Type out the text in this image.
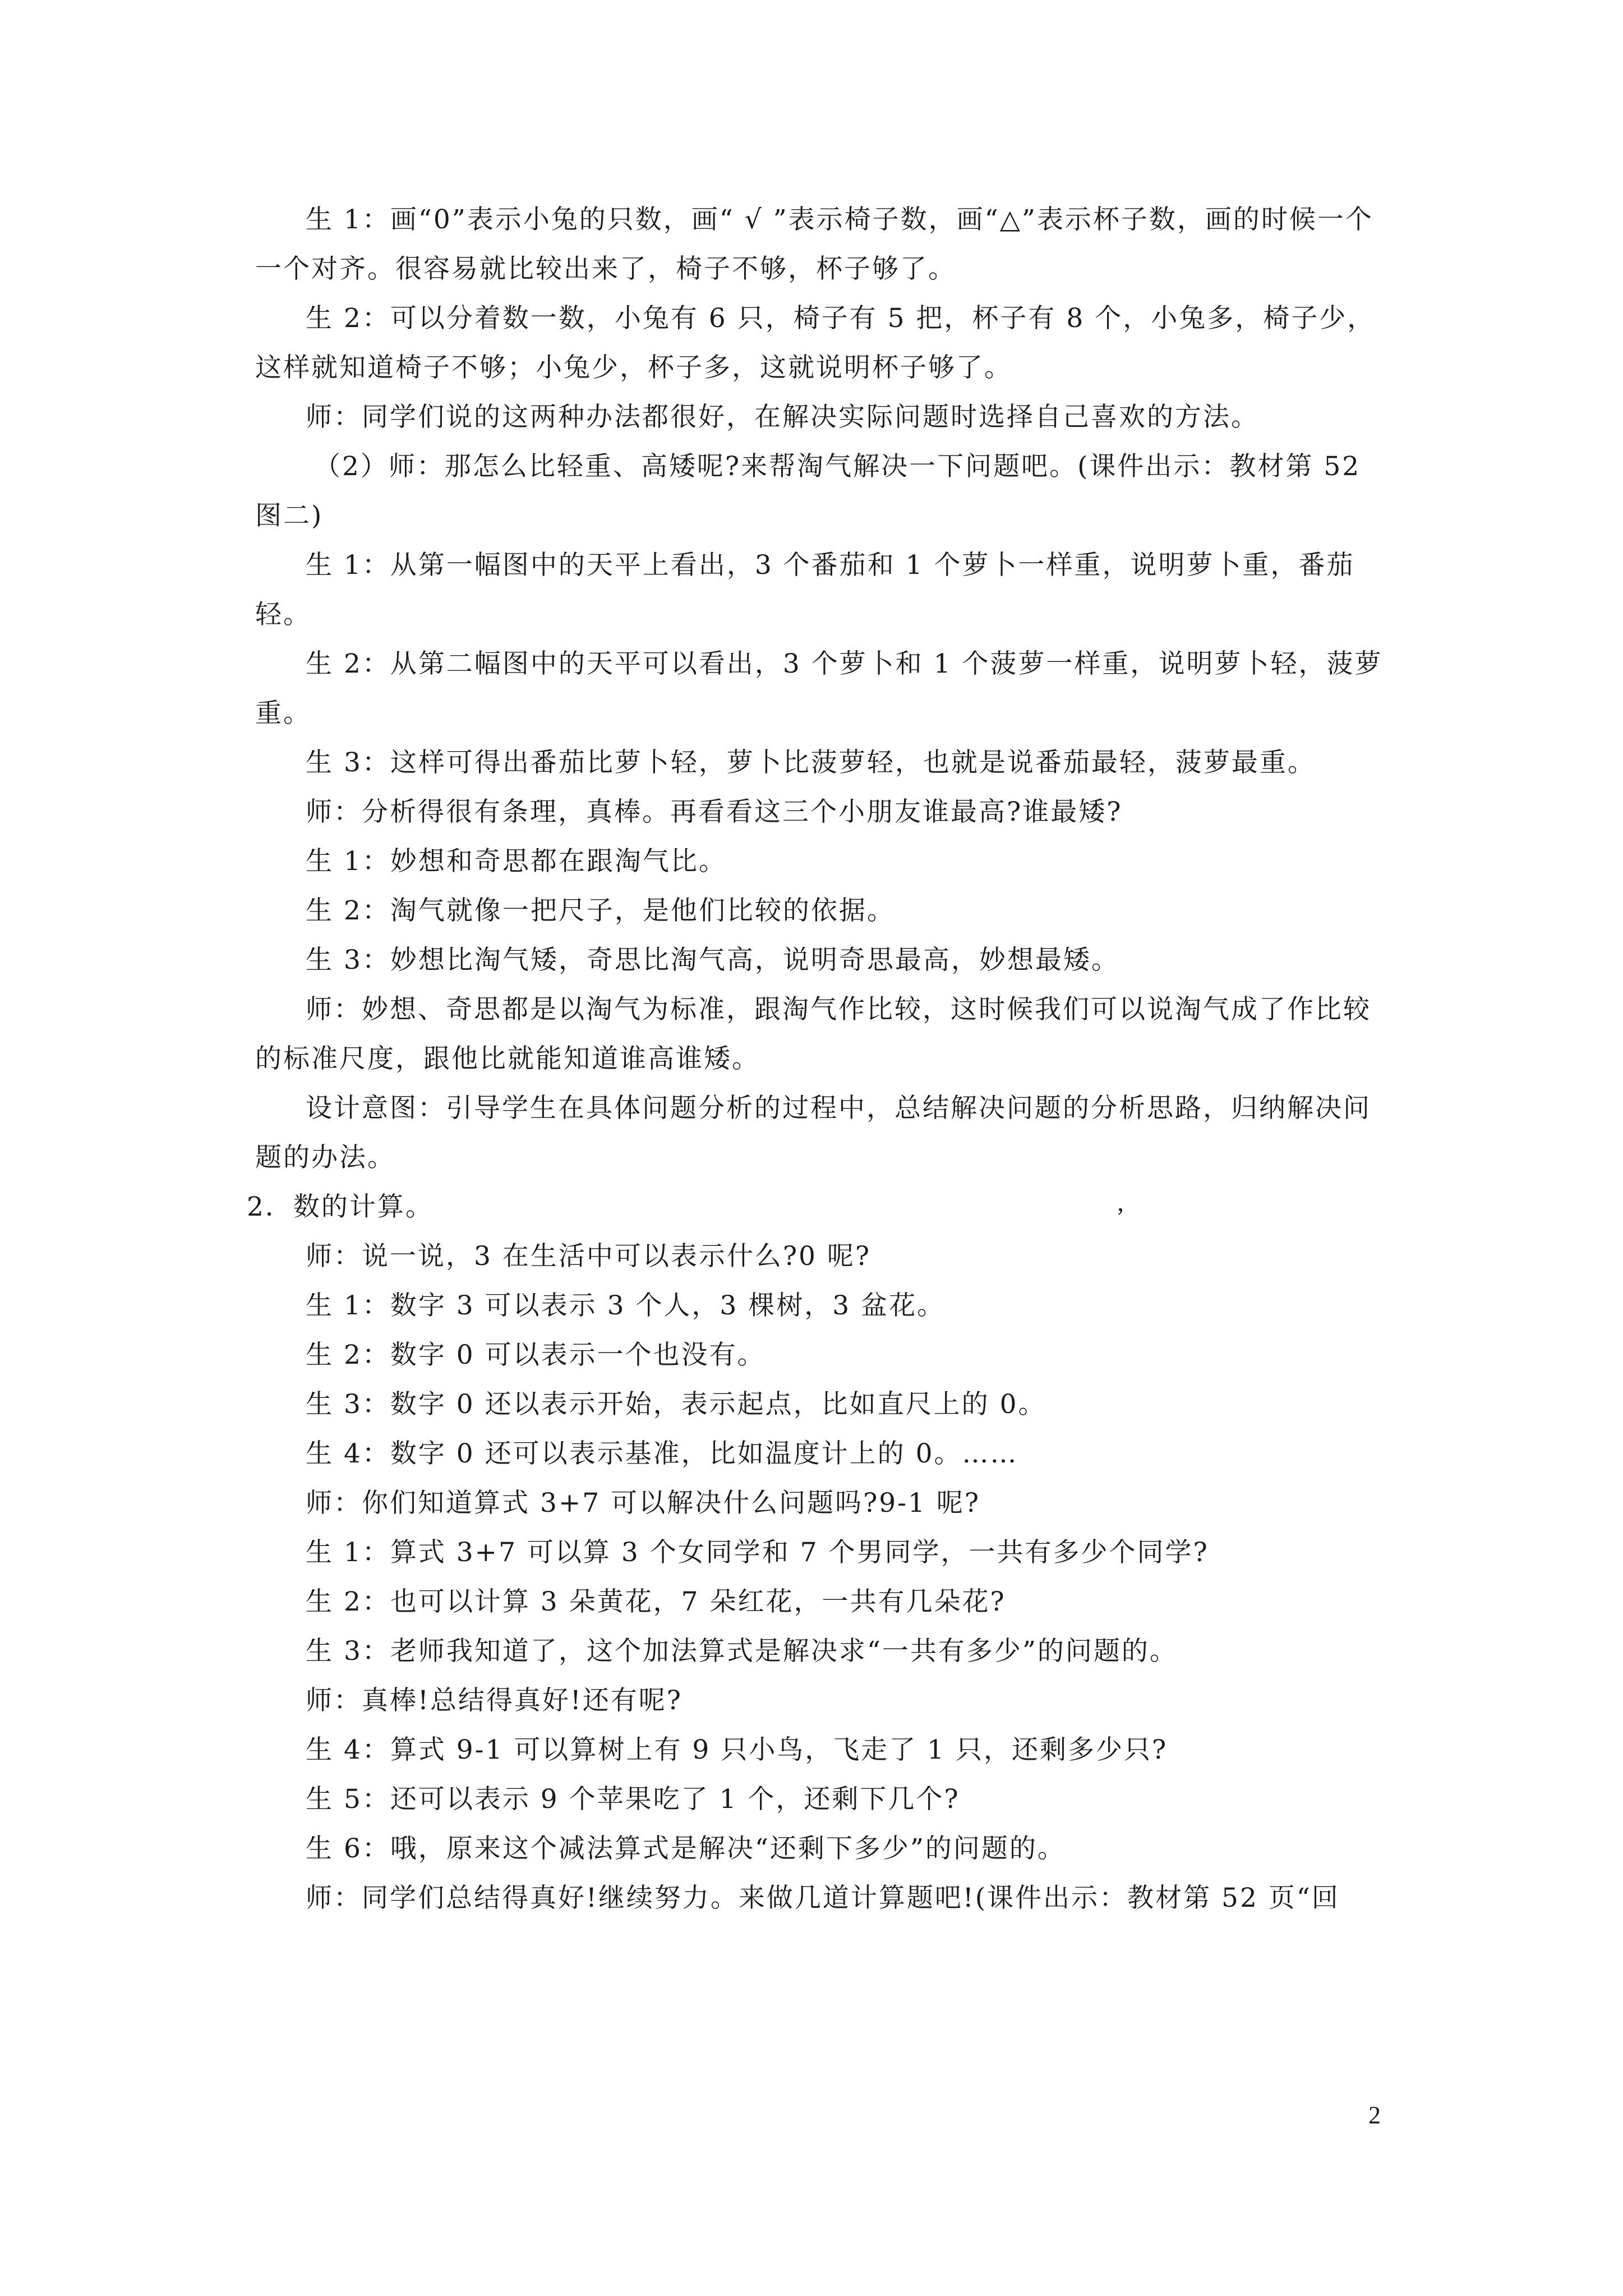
生 1：画“0”表示小兔的只数，画“ √ ”表示椅子数，画“△”表示杯子数，画的时候一个一个对齐。很容易就比较出来了，椅子不够，杯子够了。

生 2：可以分着数一数，小兔有 6 只，椅子有 5 把，杯子有 8 个，小兔多，椅子少，这样就知道椅子不够；小兔少，杯子多，这就说明杯子够了。

师：同学们说的这两种办法都很好，在解决实际问题时选择自己喜欢的方法。

（2）师：那怎么比轻重、高矮呢?来帮淘气解决一下问题吧。(课件出示：教材第 52 图二)

生 1：从第一幅图中的天平上看出，3 个番茄和 1 个萝卜一样重，说明萝卜重，番茄轻。

生 2：从第二幅图中的天平可以看出，3 个萝卜和 1 个菠萝一样重，说明萝卜轻，菠萝重。

生 3：这样可得出番茄比萝卜轻，萝卜比菠萝轻，也就是说番茄最轻，菠萝最重。

师：分析得很有条理，真棒。再看看这三个小朋友谁最高?谁最矮?

生 1：妙想和奇思都在跟淘气比。

生 2：淘气就像一把尺子，是他们比较的依据。

生 3：妙想比淘气矮，奇思比淘气高，说明奇思最高，妙想最矮。

师：妙想、奇思都是以淘气为标准，跟淘气作比较，这时候我们可以说淘气成了作比较的标准尺度，跟他比就能知道谁高谁矮。

设计意图：引导学生在具体问题分析的过程中，总结解决问题的分析思路，归纳解决问题的办法。

2．数的计算。

师：说一说，3 在生活中可以表示什么?0 呢?

生 1：数字 3 可以表示 3 个人，3 棵树，3 盆花。

生 2：数字 0 可以表示一个也没有。

生 3：数字 0 还以表示开始，表示起点，比如直尺上的 0。

生 4：数字 0 还可以表示基准，比如温度计上的 0。……

师：你们知道算式 3+7 可以解决什么问题吗?9-1 呢?

生 1：算式 3+7 可以算 3 个女同学和 7 个男同学，一共有多少个同学?

生 2：也可以计算 3 朵黄花，7 朵红花，一共有几朵花?

生 3：老师我知道了，这个加法算式是解决求“一共有多少”的问题的。

师：真棒!总结得真好!还有呢?

生 4：算式 9-1 可以算树上有 9 只小鸟，飞走了 1 只，还剩多少只?

生 5：还可以表示 9 个苹果吃了 1 个，还剩下几个?

生 6：哦，原来这个减法算式是解决“还剩下多少”的问题的。

师：同学们总结得真好!继续努力。来做几道计算题吧!(课件出示：教材第 52 页“回

’
2
